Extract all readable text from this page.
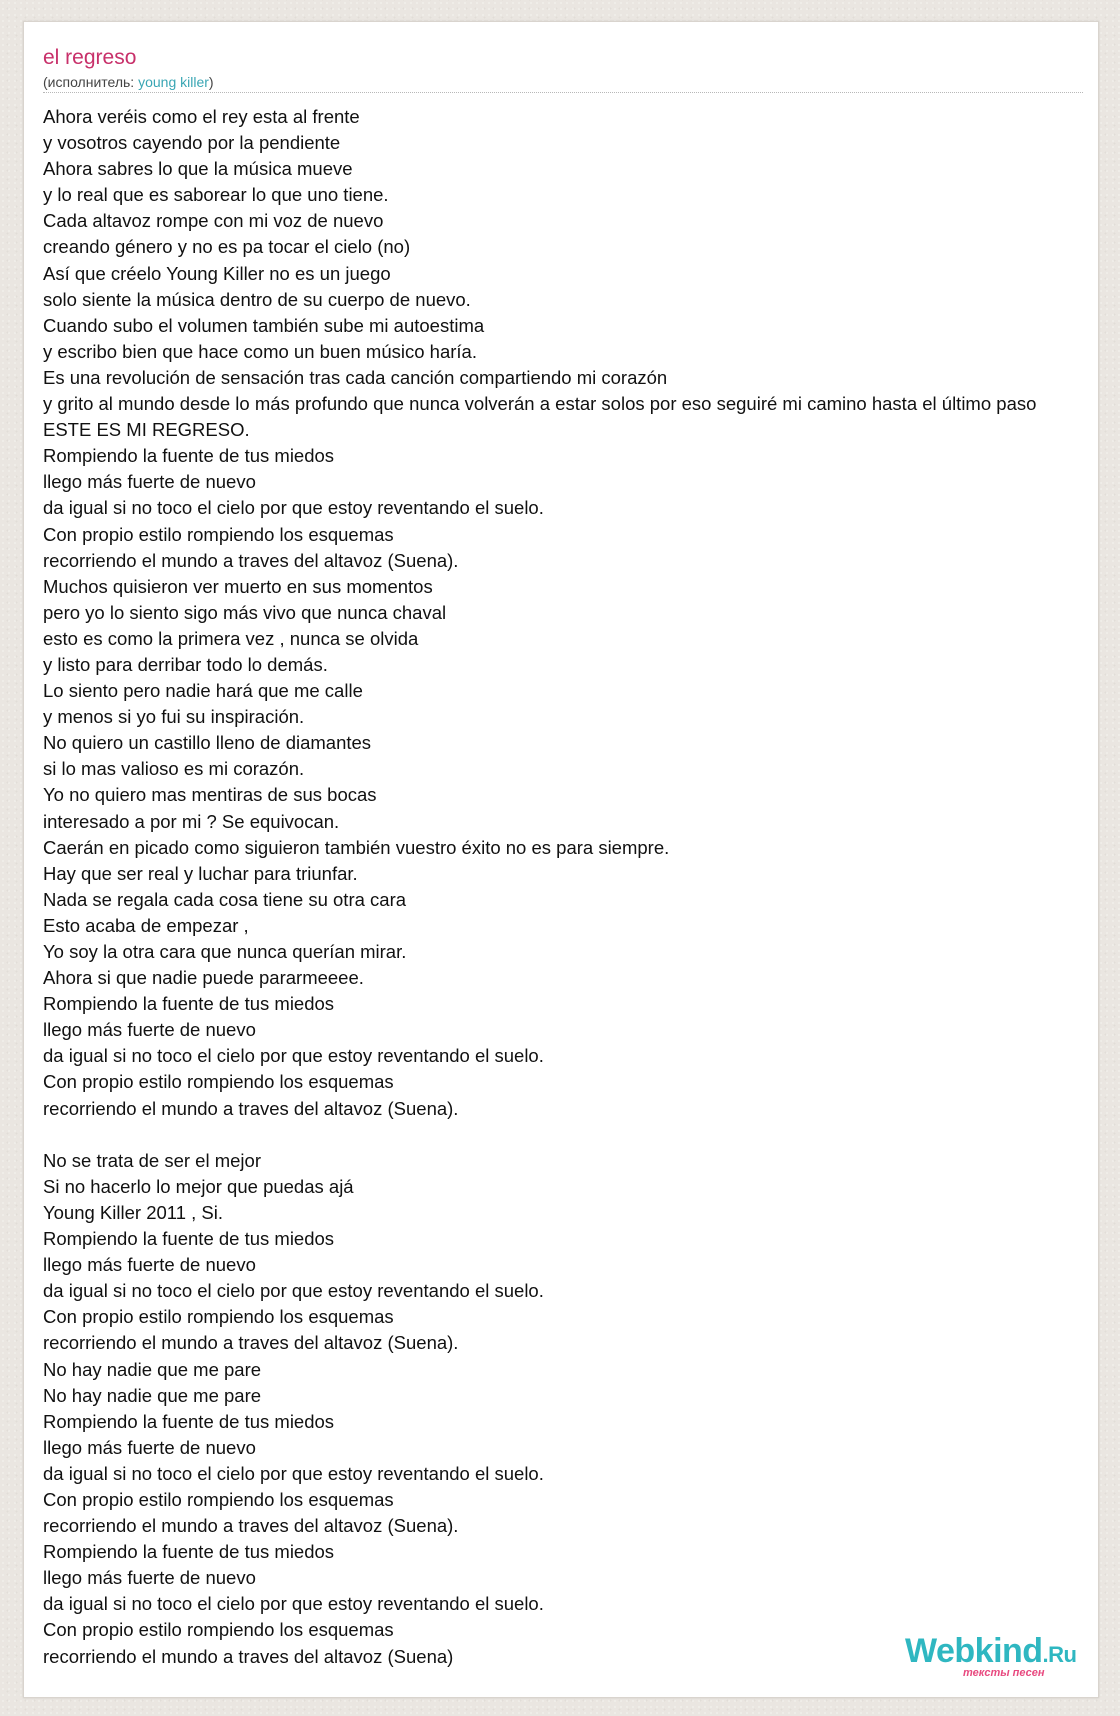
el regreso
(исполнитель: young killer)
Ahora veréis como el rey esta al frente
y vosotros cayendo por la pendiente
Ahora sabres lo que la música mueve
y lo real que es saborear lo que uno tiene.
Cada altavoz rompe con mi voz de nuevo
creando género y no es pa tocar el cielo (no)
Así que créelo Young Killer no es un juego
solo siente la música dentro de su cuerpo de nuevo.
Cuando subo el volumen también sube mi autoestima
y escribo bien que hace como un buen músico haría.
Es una revolución de sensación tras cada canción compartiendo mi corazón
y grito al mundo desde lo más profundo que nunca volverán a estar solos por eso seguiré mi camino hasta el último paso
ESTE ES MI REGRESO.
Rompiendo la fuente de tus miedos
llego más fuerte de nuevo
da igual si no toco el cielo por que estoy reventando el suelo.
Con propio estilo rompiendo los esquemas
recorriendo el mundo a traves del altavoz (Suena).
Muchos quisieron ver muerto en sus momentos
pero yo lo siento sigo más vivo que nunca chaval
esto es como la primera vez , nunca se olvida
y listo para derribar todo lo demás.
Lo siento pero nadie hará que me calle
y menos si yo fui su inspiración.
No quiero un castillo lleno de diamantes
si lo mas valioso es mi corazón.
Yo no quiero mas mentiras de sus bocas
interesado a por mi ? Se equivocan.
Caerán en picado como siguieron también vuestro éxito no es para siempre.
Hay que ser real y luchar para triunfar.
Nada se regala cada cosa tiene su otra cara
Esto acaba de empezar ,
Yo soy la otra cara que nunca querían mirar.
Ahora si que nadie puede pararmeeee.
Rompiendo la fuente de tus miedos
llego más fuerte de nuevo
da igual si no toco el cielo por que estoy reventando el suelo.
Con propio estilo rompiendo los esquemas
recorriendo el mundo a traves del altavoz (Suena).
No se trata de ser el mejor
Si no hacerlo lo mejor que puedas ajá
Young Killer 2011 , Si.
Rompiendo la fuente de tus miedos
llego más fuerte de nuevo
da igual si no toco el cielo por que estoy reventando el suelo.
Con propio estilo rompiendo los esquemas
recorriendo el mundo a traves del altavoz (Suena).
No hay nadie que me pare
No hay nadie que me pare
Rompiendo la fuente de tus miedos
llego más fuerte de nuevo
da igual si no toco el cielo por que estoy reventando el suelo.
Con propio estilo rompiendo los esquemas
recorriendo el mundo a traves del altavoz (Suena).
Rompiendo la fuente de tus miedos
llego más fuerte de nuevo
da igual si no toco el cielo por que estoy reventando el suelo.
Con propio estilo rompiendo los esquemas
recorriendo el mundo a traves del altavoz (Suena)	Webkind.Ru
тексты песен
